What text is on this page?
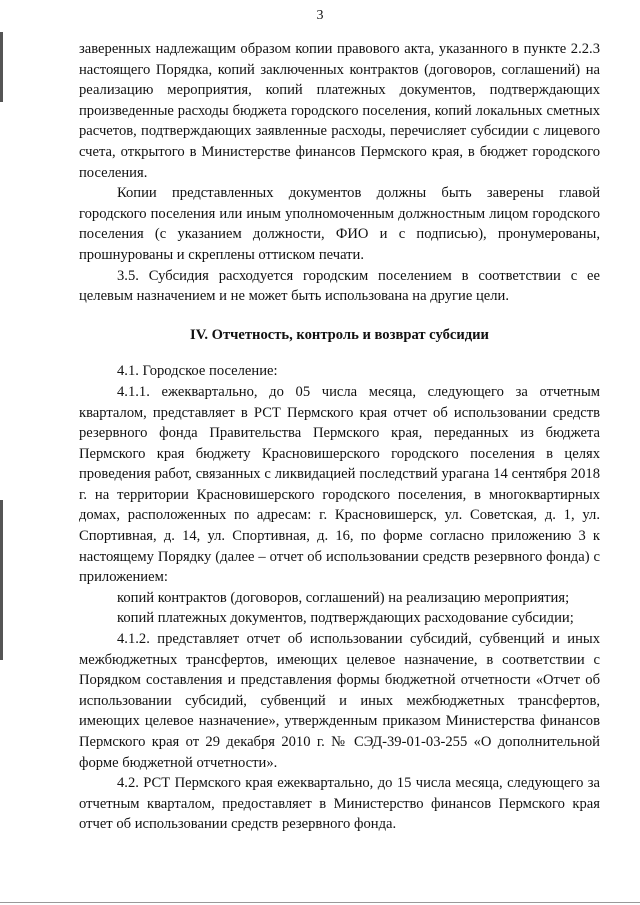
3

заверенных надлежащим образом копии правового акта, указанного в пункте 2.2.3 настоящего Порядка, копий заключенных контрактов (договоров, соглашений) на реализацию мероприятия, копий платежных документов, подтверждающих произведенные расходы бюджета городского поселения, копий локальных сметных расчетов, подтверждающих заявленные расходы, перечисляет субсидии с лицевого счета, открытого в Министерстве финансов Пермского края, в бюджет городского поселения.

Копии представленных документов должны быть заверены главой городского поселения или иным уполномоченным должностным лицом городского поселения (с указанием должности, ФИО и с подписью), пронумерованы, прошнурованы и скреплены оттиском печати.

3.5. Субсидия расходуется городским поселением в соответствии с ее целевым назначением и не может быть использована на другие цели.

IV. Отчетность, контроль и возврат субсидии

4.1. Городское поселение:

4.1.1. ежеквартально, до 05 числа месяца, следующего за отчетным кварталом, представляет в РСТ Пермского края отчет об использовании средств резервного фонда Правительства Пермского края, переданных из бюджета Пермского края бюджету Красновишерского городского поселения в целях проведения работ, связанных с ликвидацией последствий урагана 14 сентября 2018 г. на территории Красновишерского городского поселения, в многоквартирных домах, расположенных по адресам: г. Красновишерск, ул. Советская, д. 1, ул. Спортивная, д. 14, ул. Спортивная, д. 16, по форме согласно приложению 3 к настоящему Порядку (далее – отчет об использовании средств резервного фонда) с приложением:

копий контрактов (договоров, соглашений) на реализацию мероприятия;

копий платежных документов, подтверждающих расходование субсидии;

4.1.2. представляет отчет об использовании субсидий, субвенций и иных межбюджетных трансфертов, имеющих целевое назначение, в соответствии с Порядком составления и представления формы бюджетной отчетности «Отчет об использовании субсидий, субвенций и иных межбюджетных трансфертов, имеющих целевое назначение», утвержденным приказом Министерства финансов Пермского края от 29 декабря 2010 г. № СЭД-39-01-03-255 «О дополнительной форме бюджетной отчетности».

4.2. РСТ Пермского края ежеквартально, до 15 числа месяца, следующего за отчетным кварталом, предоставляет в Министерство финансов Пермского края отчет об использовании средств резервного фонда.
